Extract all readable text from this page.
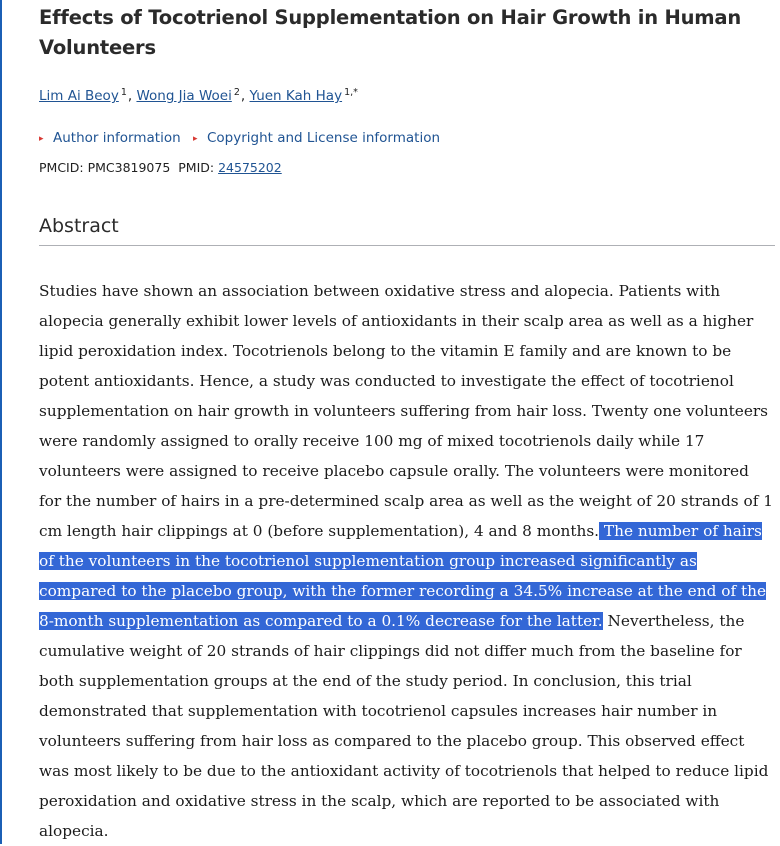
Effects of Tocotrienol Supplementation on Hair Growth in Human Volunteers
Lim Ai Beoy $^1$, Wong Jia Woei $^2$, Yuen Kah Hay $^{1,*}$
▸ Author information ▸ Copyright and License information
PMCID: PMC3819075 PMID: 24575202
Abstract
Studies have shown an association between oxidative stress and alopecia. Patients with alopecia generally exhibit lower levels of antioxidants in their scalp area as well as a higher lipid peroxidation index. Tocotrienols belong to the vitamin E family and are known to be potent antioxidants. Hence, a study was conducted to investigate the effect of tocotrienol supplementation on hair growth in volunteers suffering from hair loss. Twenty one volunteers were randomly assigned to orally receive 100 mg of mixed tocotrienols daily while 17 volunteers were assigned to receive placebo capsule orally. The volunteers were monitored for the number of hairs in a pre-determined scalp area as well as the weight of 20 strands of 1 cm length hair clippings at 0 (before supplementation), 4 and 8 months. The number of hairs of the volunteers in the tocotrienol supplementation group increased significantly as compared to the placebo group, with the former recording a 34.5% increase at the end of the 8-month supplementation as compared to a 0.1% decrease for the latter. Nevertheless, the cumulative weight of 20 strands of hair clippings did not differ much from the baseline for both supplementation groups at the end of the study period. In conclusion, this trial demonstrated that supplementation with tocotrienol capsules increases hair number in volunteers suffering from hair loss as compared to the placebo group. This observed effect was most likely to be due to the antioxidant activity of tocotrienols that helped to reduce lipid peroxidation and oxidative stress in the scalp, which are reported to be associated with alopecia.
